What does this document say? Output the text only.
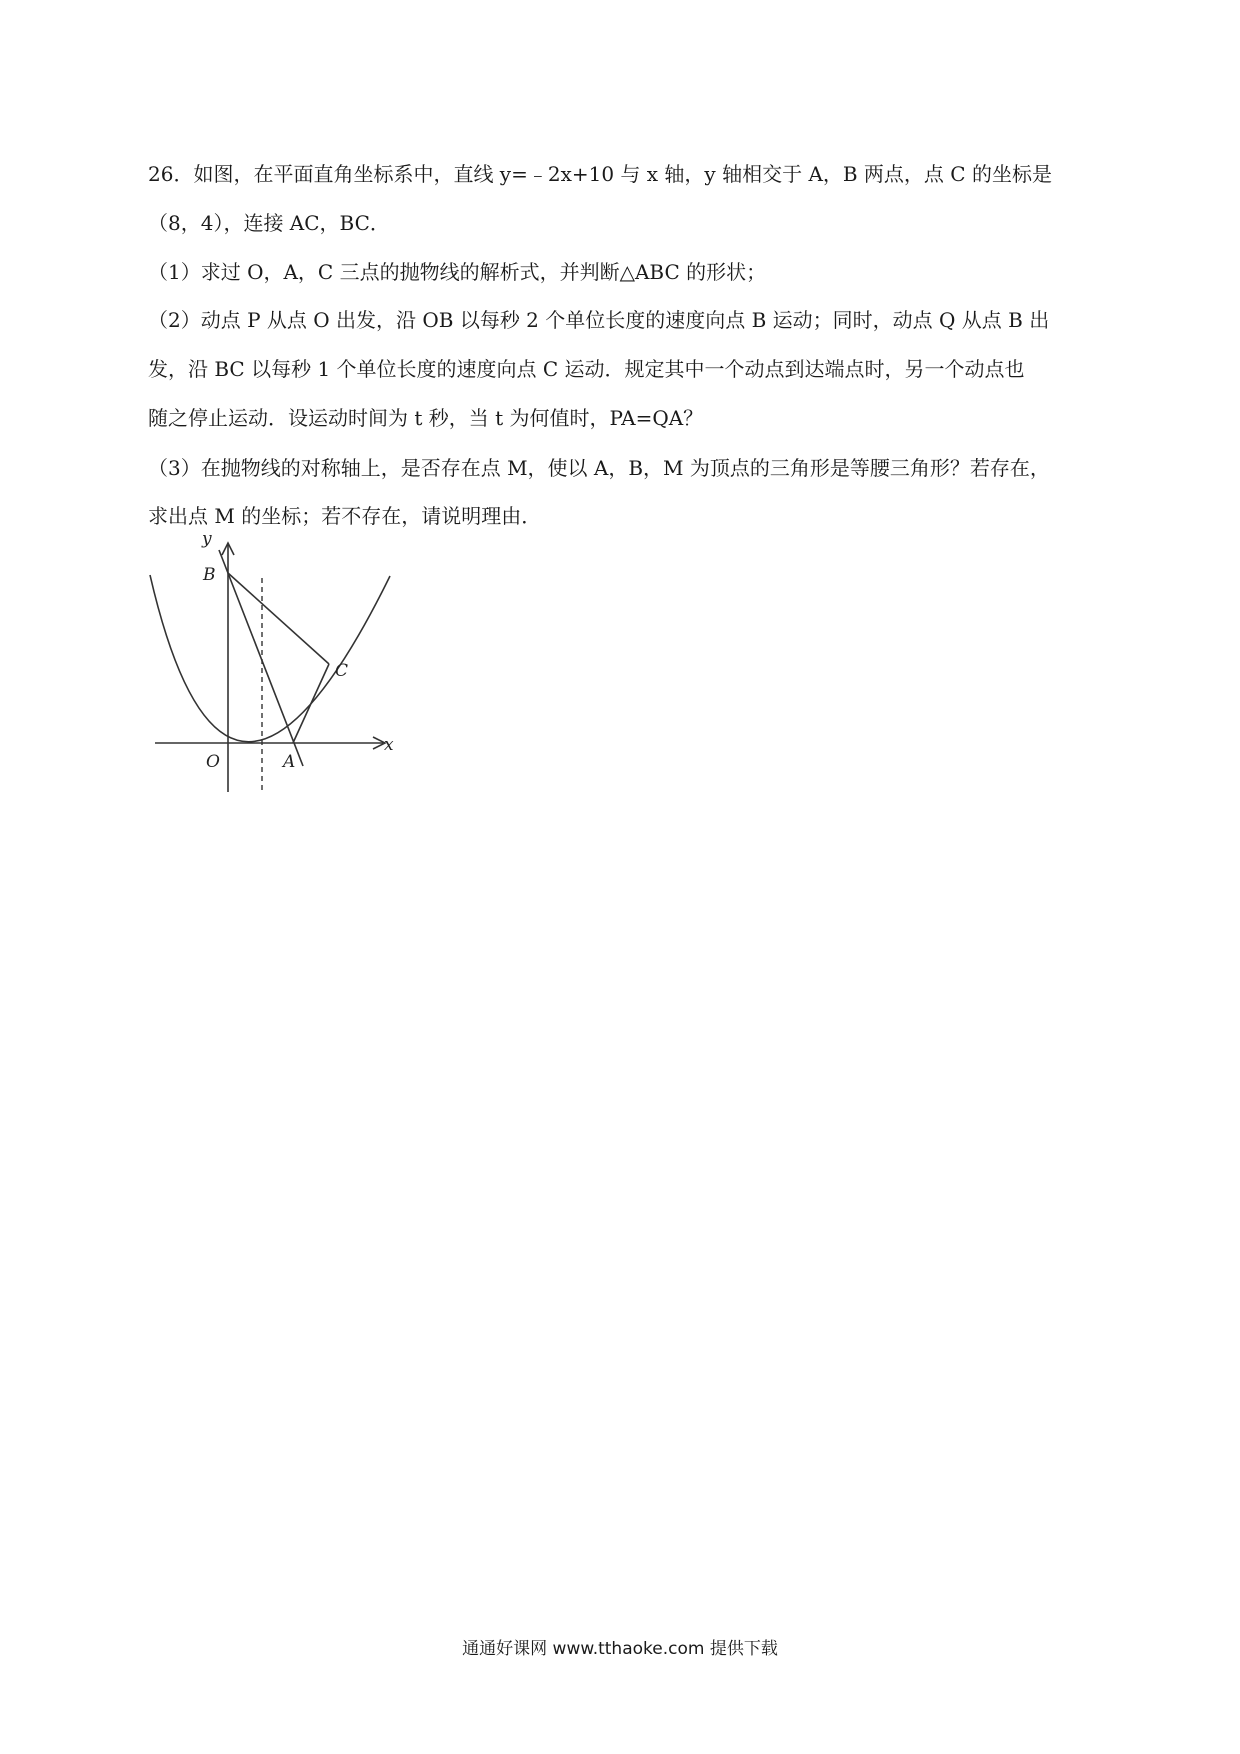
26．如图，在平面直角坐标系中，直线 y=﹣2x+10 与 x 轴，y 轴相交于 A，B 两点，点 C 的坐标是
（8，4），连接 AC，BC．
（1）求过 O，A，C 三点的抛物线的解析式，并判断△ABC 的形状；
（2）动点 P 从点 O 出发，沿 OB 以每秒 2 个单位长度的速度向点 B 运动；同时，动点 Q 从点 B 出
发，沿 BC 以每秒 1 个单位长度的速度向点 C 运动．规定其中一个动点到达端点时，另一个动点也
随之停止运动．设运动时间为 t 秒，当 t 为何值时，PA=QA？
（3）在抛物线的对称轴上，是否存在点 M，使以 A，B，M 为顶点的三角形是等腰三角形？若存在，
求出点 M 的坐标；若不存在，请说明理由．
y
x
B
C
O	A
通通好课网 www.tthaoke.com 提供下载
